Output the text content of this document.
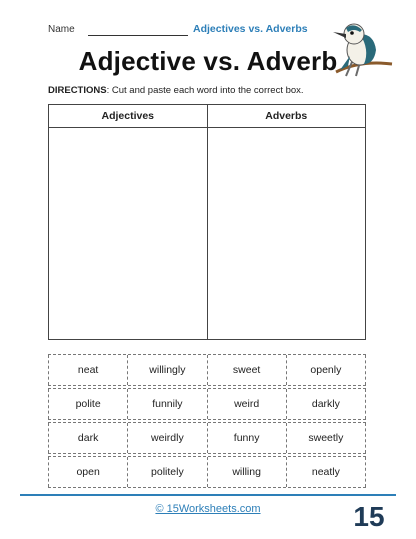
Name	Adjectives vs. Adverbs
Adjective vs. Adverb
DIRECTIONS: Cut and paste each word into the correct box.
Adjectives	Adverbs
neat	willingly	sweet	openly
polite	funnily	weird	darkly
dark	weirdly	funny	sweetly
open	politely	willing	neatly
© 15Worksheets.com	15
